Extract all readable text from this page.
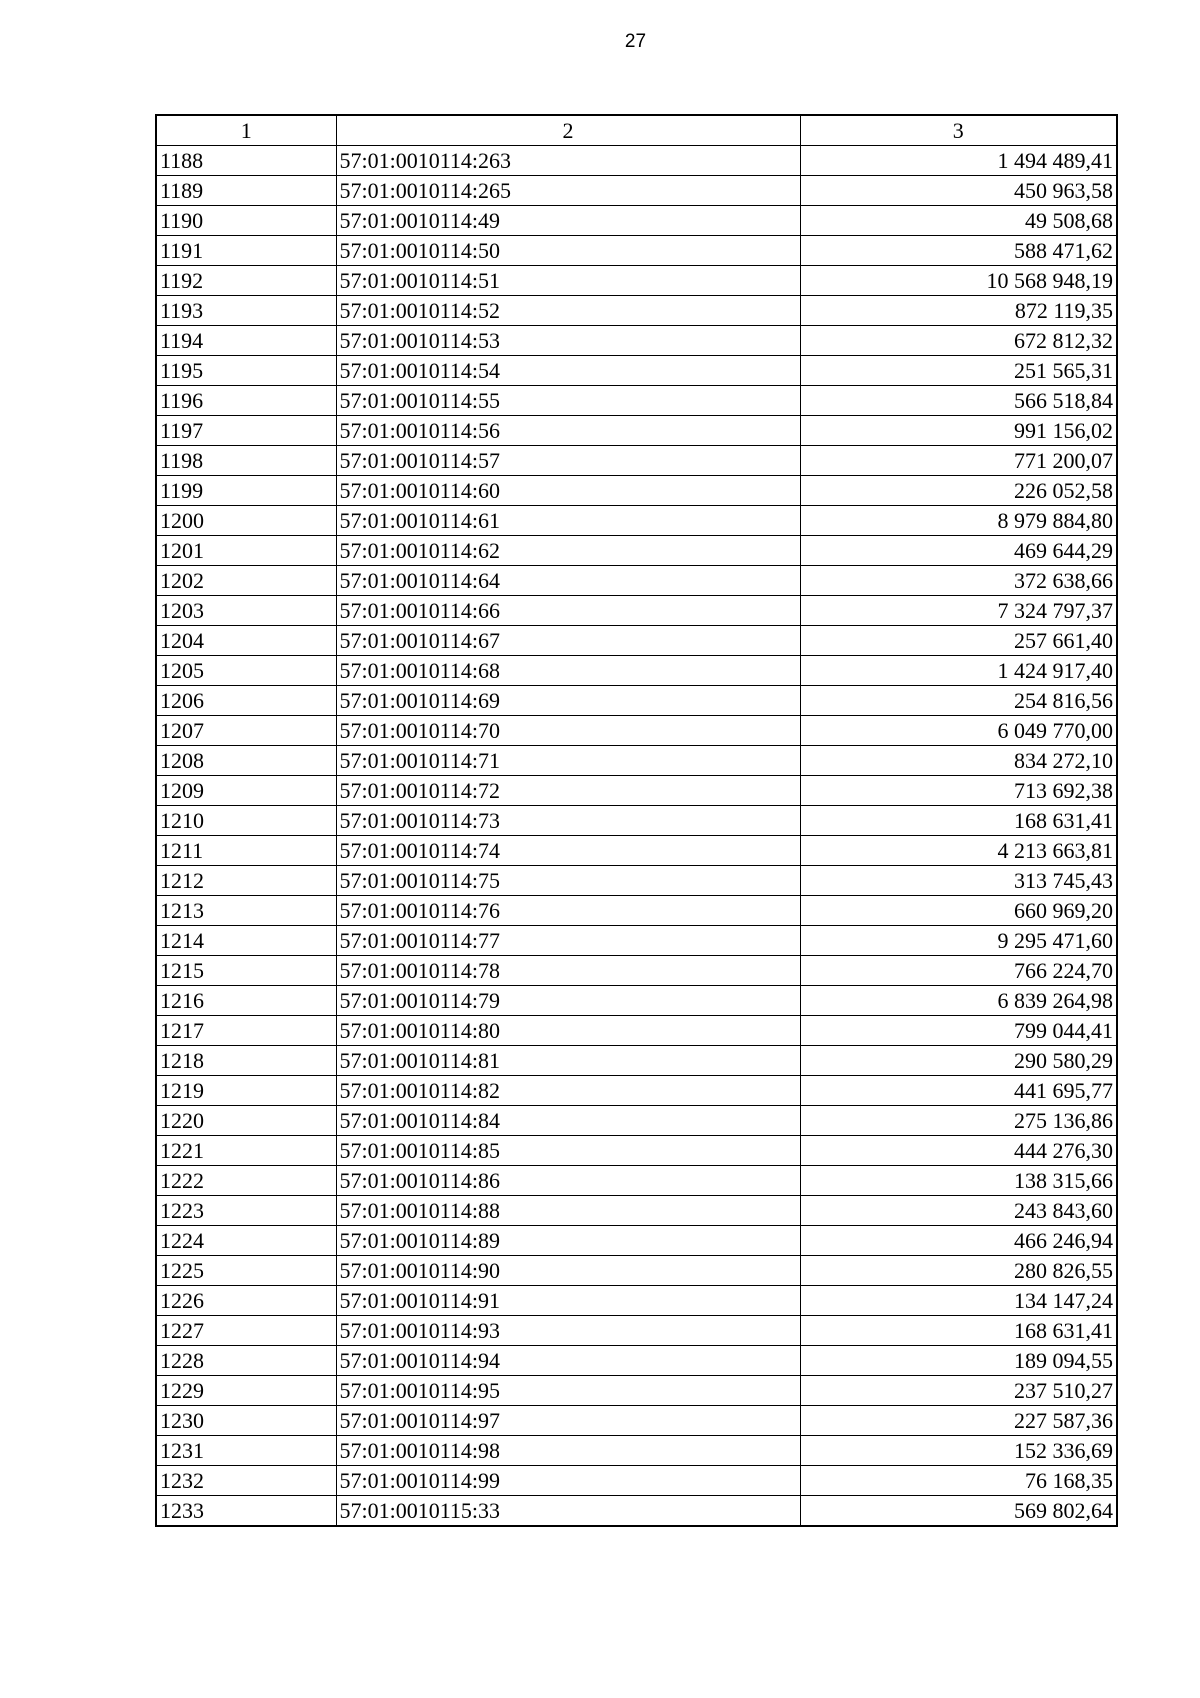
27
1	2	3
1188	57:01:0010114:263	1 494 489,41
1189	57:01:0010114:265	450 963,58
1190	57:01:0010114:49	49 508,68
1191	57:01:0010114:50	588 471,62
1192	57:01:0010114:51	10 568 948,19
1193	57:01:0010114:52	872 119,35
1194	57:01:0010114:53	672 812,32
1195	57:01:0010114:54	251 565,31
1196	57:01:0010114:55	566 518,84
1197	57:01:0010114:56	991 156,02
1198	57:01:0010114:57	771 200,07
1199	57:01:0010114:60	226 052,58
1200	57:01:0010114:61	8 979 884,80
1201	57:01:0010114:62	469 644,29
1202	57:01:0010114:64	372 638,66
1203	57:01:0010114:66	7 324 797,37
1204	57:01:0010114:67	257 661,40
1205	57:01:0010114:68	1 424 917,40
1206	57:01:0010114:69	254 816,56
1207	57:01:0010114:70	6 049 770,00
1208	57:01:0010114:71	834 272,10
1209	57:01:0010114:72	713 692,38
1210	57:01:0010114:73	168 631,41
1211	57:01:0010114:74	4 213 663,81
1212	57:01:0010114:75	313 745,43
1213	57:01:0010114:76	660 969,20
1214	57:01:0010114:77	9 295 471,60
1215	57:01:0010114:78	766 224,70
1216	57:01:0010114:79	6 839 264,98
1217	57:01:0010114:80	799 044,41
1218	57:01:0010114:81	290 580,29
1219	57:01:0010114:82	441 695,77
1220	57:01:0010114:84	275 136,86
1221	57:01:0010114:85	444 276,30
1222	57:01:0010114:86	138 315,66
1223	57:01:0010114:88	243 843,60
1224	57:01:0010114:89	466 246,94
1225	57:01:0010114:90	280 826,55
1226	57:01:0010114:91	134 147,24
1227	57:01:0010114:93	168 631,41
1228	57:01:0010114:94	189 094,55
1229	57:01:0010114:95	237 510,27
1230	57:01:0010114:97	227 587,36
1231	57:01:0010114:98	152 336,69
1232	57:01:0010114:99	76 168,35
1233	57:01:0010115:33	569 802,64
